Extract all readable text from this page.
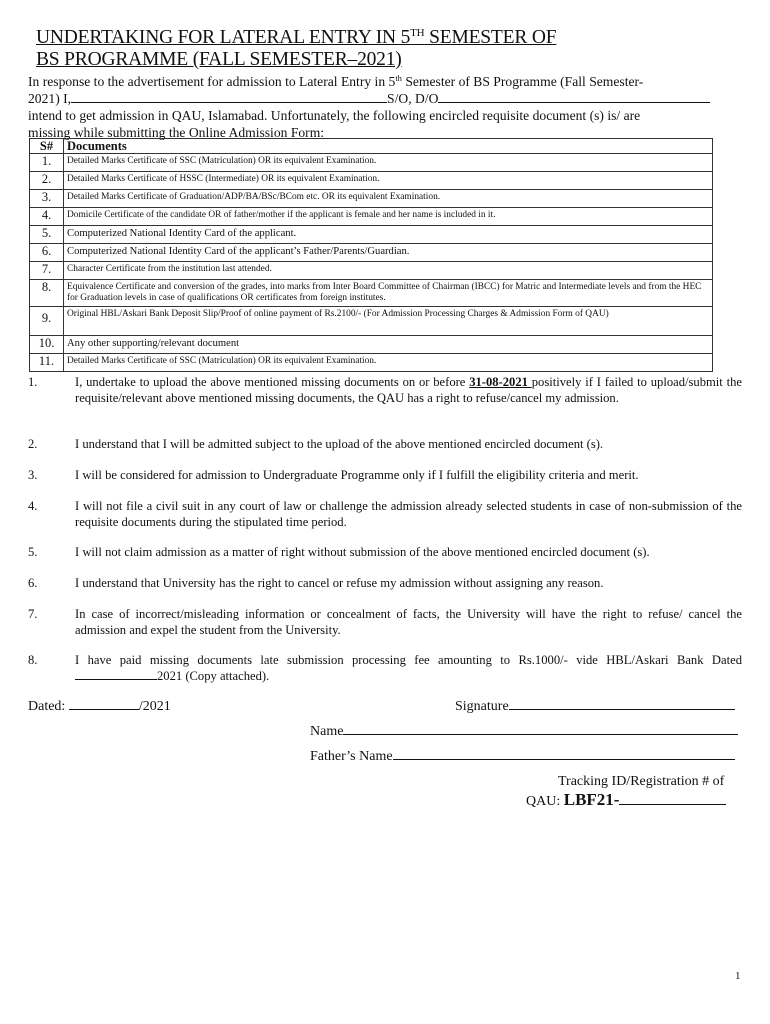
UNDERTAKING FOR LATERAL ENTRY IN 5TH SEMESTER OF
BS PROGRAMME (FALL SEMESTER–2021)
In response to the advertisement for admission to Lateral Entry in 5th Semester of BS Programme (Fall Semester-
2021) I,	S/O, D/O
intend to get admission in QAU, Islamabad. Unfortunately, the following encircled requisite document (s) is/ are
missing while submitting the Online Admission Form:
S#	Documents
1.	Detailed Marks Certificate of SSC (Matriculation) OR its equivalent Examination.
2.	Detailed Marks Certificate of HSSC (Intermediate) OR its equivalent Examination.
3.	Detailed Marks Certificate of Graduation/ADP/BA/BSc/BCom etc. OR its equivalent Examination.
4.	Domicile Certificate of the candidate OR of father/mother if the applicant is female and her name is included in it.
5.	Computerized National Identity Card of the applicant.
6.	Computerized National Identity Card of the applicant’s Father/Parents/Guardian.
7.	Character Certificate from the institution last attended.
8.	Equivalence Certificate and conversion of the grades, into marks from Inter Board Committee of Chairman (IBCC) for Matric and Intermediate levels and from the HEC for Graduation levels in case of qualifications OR certificates from foreign institutes.
9.	Original HBL/Askari Bank Deposit Slip/Proof of online payment of Rs.2100/- (For Admission Processing Charges & Admission Form of QAU)
10.	Any other supporting/relevant document
11.	Detailed Marks Certificate of SSC (Matriculation) OR its equivalent Examination.
1.	I, undertake to upload the above mentioned missing documents on or before 31-08-2021 positively if I failed to upload/submit the requisite/relevant above mentioned missing documents, the QAU has a right to refuse/cancel my admission.
2.	I understand that I will be admitted subject to the upload of the above mentioned encircled document (s).
3.	I will be considered for admission to Undergraduate Programme only if I fulfill the eligibility criteria and merit.
4.	I will not file a civil suit in any court of law or challenge the admission already selected students in case of non-submission of the requisite documents during the stipulated time period.
5.	I will not claim admission as a matter of right without submission of the above mentioned encircled document (s).
6.	I understand that University has the right to cancel or refuse my admission without assigning any reason.
7.	In case of incorrect/misleading information or concealment of facts, the University will have the right to refuse/ cancel the admission and expel the student from the University.
8.	I have paid missing documents late submission processing fee amounting to Rs.1000/- vide HBL/Askari Bank Dated2021 (Copy attached).
Dated:	/2021	Signature
Name
Father’s Name
Tracking ID/Registration # of
QAU: LBF21-
1
